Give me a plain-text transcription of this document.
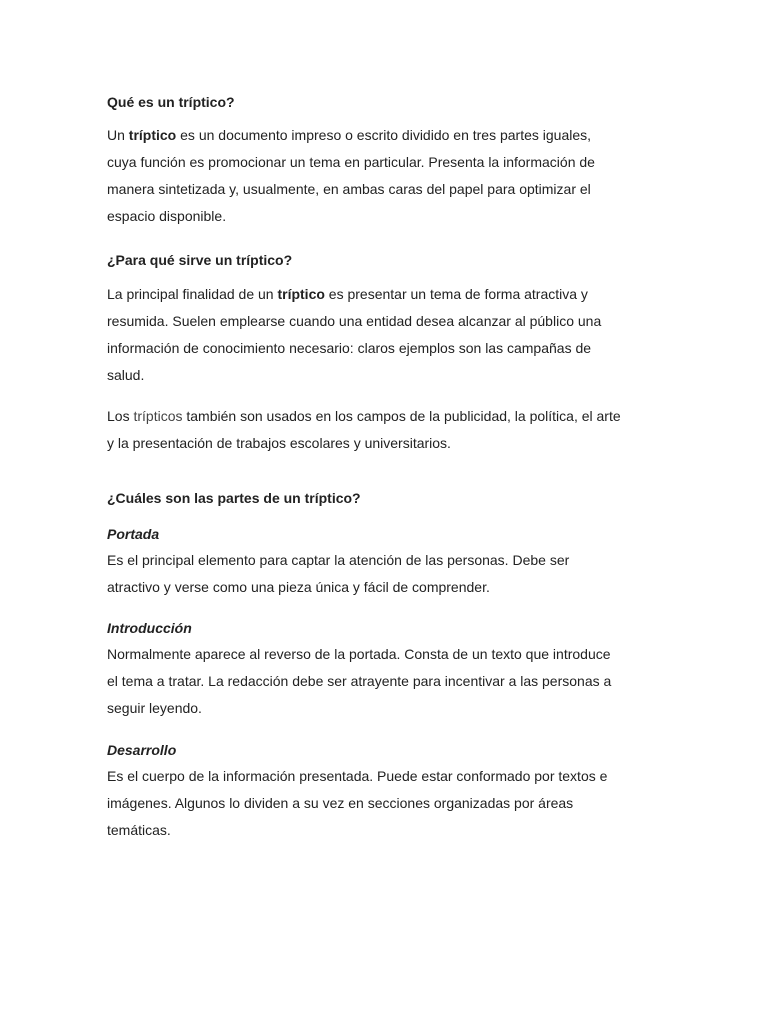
Qué es un tríptico?

Un tríptico es un documento impreso o escrito dividido en tres partes iguales,
cuya función es promocionar un tema en particular. Presenta la información de
manera sintetizada y, usualmente, en ambas caras del papel para optimizar el
espacio disponible.

¿Para qué sirve un tríptico?

La principal finalidad de un tríptico es presentar un tema de forma atractiva y
resumida. Suelen emplearse cuando una entidad desea alcanzar al público una
información de conocimiento necesario: claros ejemplos son las campañas de
salud.

Los trípticos también son usados en los campos de la publicidad, la política, el arte
y la presentación de trabajos escolares y universitarios.

¿Cuáles son las partes de un tríptico?
Portada

Es el principal elemento para captar la atención de las personas. Debe ser
atractivo y verse como una pieza única y fácil de comprender.

Introducción

Normalmente aparece al reverso de la portada. Consta de un texto que introduce
el tema a tratar. La redacción debe ser atrayente para incentivar a las personas a
seguir leyendo.

Desarrollo

Es el cuerpo de la información presentada. Puede estar conformado por textos e
imágenes. Algunos lo dividen a su vez en secciones organizadas por áreas
temáticas.
